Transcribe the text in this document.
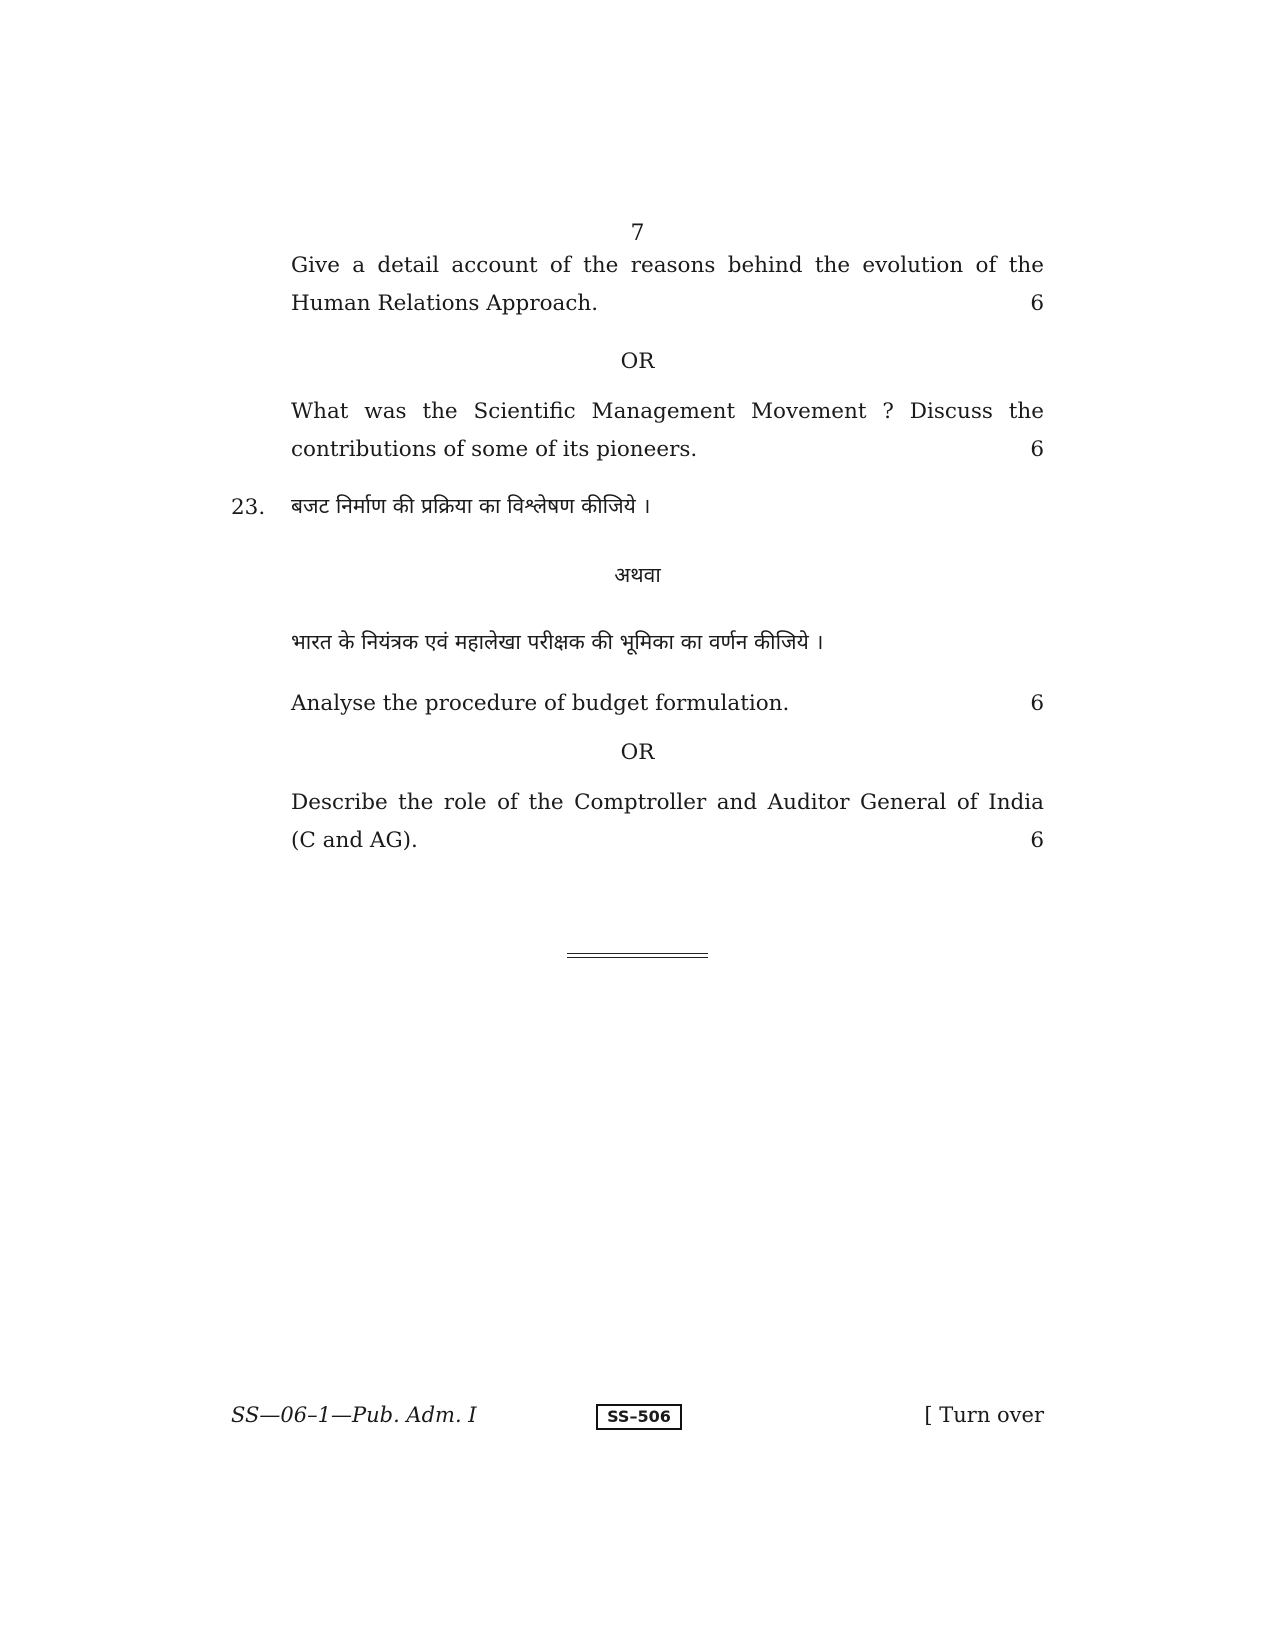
7
Give a detail account of the reasons behind the evolution of the
Human Relations Approach.	6
OR
What was the Scientific Management Movement ? Discuss the
contributions of some of its pioneers.	6
23. बजट निर्माण की प्रक्रिया का विश्लेषण कीजिये ।
अथवा
भारत के नियंत्रक एवं महालेखा परीक्षक की भूमिका का वर्णन कीजिये ।
Analyse the procedure of budget formulation.	6
OR
Describe the role of the Comptroller and Auditor General of India
(C and AG).	6
SS—06–1—Pub. Adm. I	SS–506	[ Turn over
